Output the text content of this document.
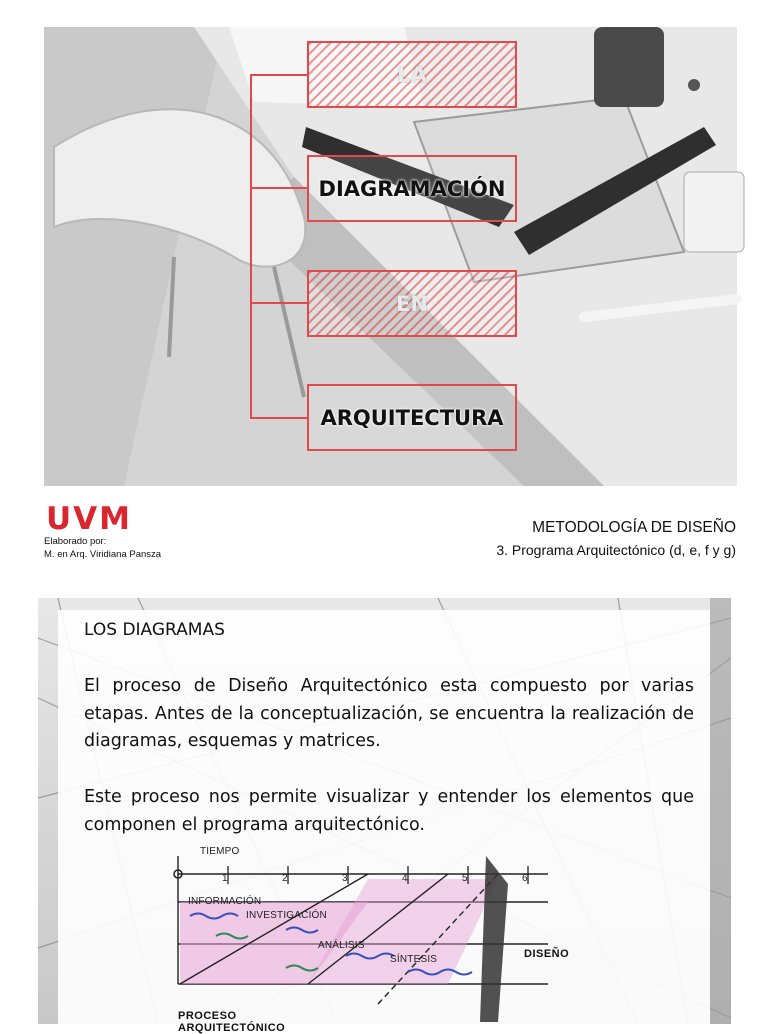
LA
DIAGRAMACIÓN
EN
ARQUITECTURA
UVM
Elaborado por:
M. en Arq. Viridiana Pansza
METODOLOGÍA DE DISEÑO
3. Programa Arquitectónico (d, e, f y g)
LOS DIAGRAMAS

El proceso de Diseño Arquitectónico esta compuesto por varias etapas. Antes de la conceptualización, se encuentra la realización de diagramas, esquemas y matrices.

Este proceso nos permite visualizar y entender los elementos que componen el programa arquitectónico.

TIEMPO
1	2	3	4	5	6
INFORMACIÓN
INVESTIGACIÓN
ANÁLISIS
SÍNTESIS	DISEÑO
PROCESO ARQUITECTÓNICO
